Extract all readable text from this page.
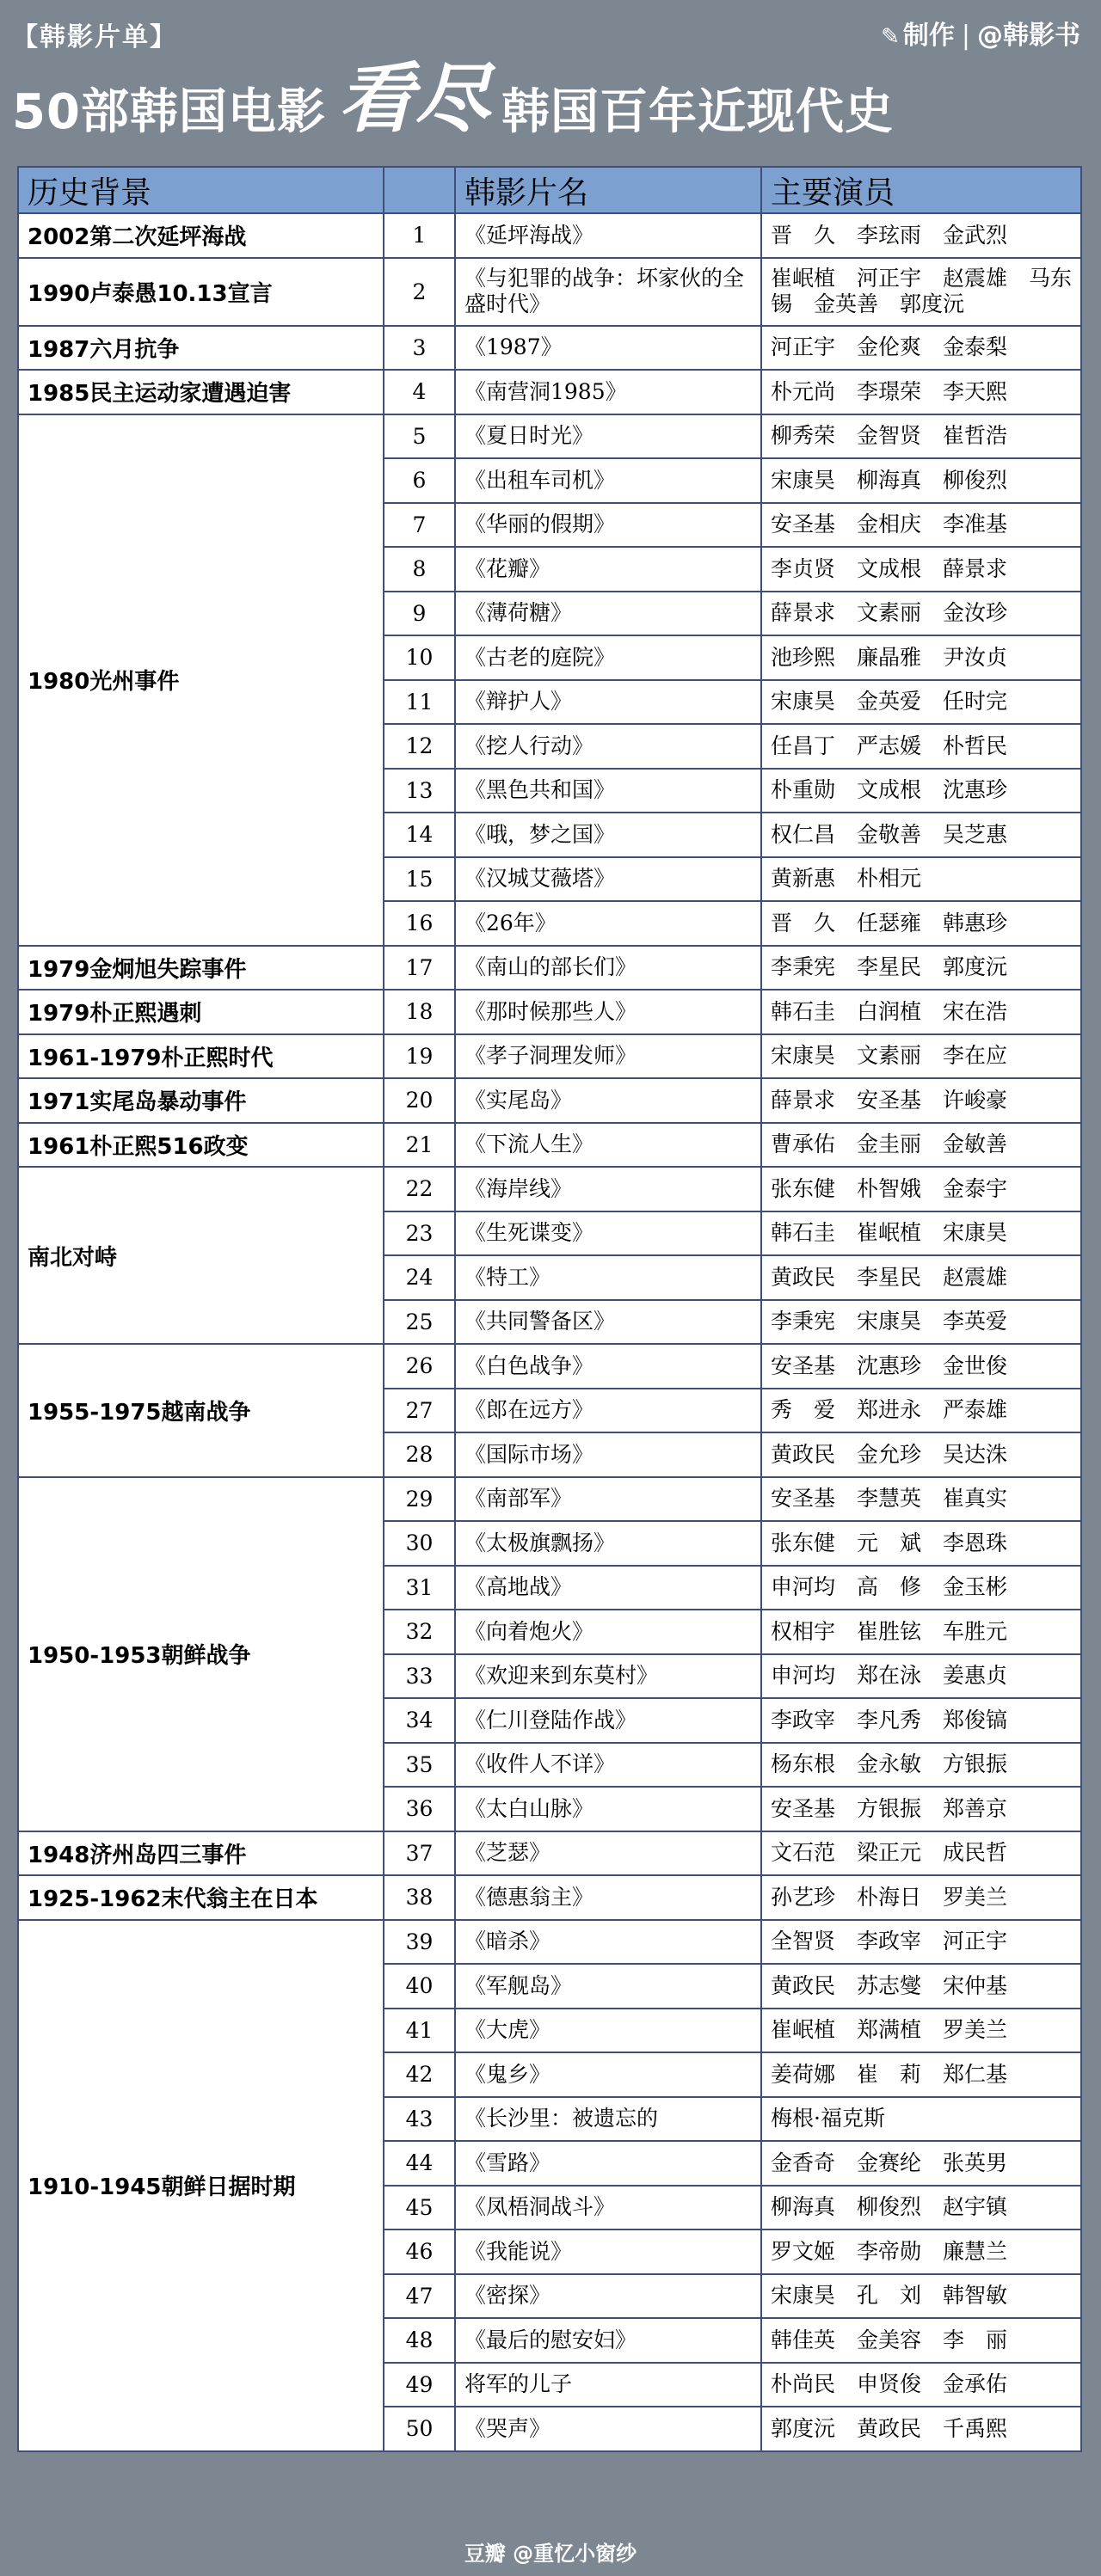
【韩影片单】	✎ 制作 | @韩影书
50部韩国电影 看尽 韩国百年近现代史
历史背景		韩影片名	主要演员
2002第二次延坪海战	1	《延坪海战》	晋　久　李玹雨　金武烈
1990卢泰愚10.13宣言	2	《与犯罪的战争：坏家伙的全盛时代》	崔岷植　河正宇　赵震雄　马东锡　金英善　郭度沅
1987六月抗争	3	《1987》	河正宇　金伦爽　金泰梨
1985民主运动家遭遇迫害	4	《南营洞1985》	朴元尚　李璟荣　李天熙
1980光州事件	5	《夏日时光》	柳秀荣　金智贤　崔哲浩
	6	《出租车司机》	宋康昊　柳海真　柳俊烈
	7	《华丽的假期》	安圣基　金相庆　李准基
	8	《花瓣》	李贞贤　文成根　薛景求
	9	《薄荷糖》	薛景求　文素丽　金汝珍
	10	《古老的庭院》	池珍熙　廉晶雅　尹汝贞
	11	《辩护人》	宋康昊　金英爱　任时完
	12	《挖人行动》	任昌丁　严志媛　朴哲民
	13	《黑色共和国》	朴重勋　文成根　沈惠珍
	14	《哦，梦之国》	权仁昌　金敬善　吴芝惠
	15	《汉城艾薇塔》	黄新惠　朴相元
	16	《26年》	晋　久　任瑟雍　韩惠珍
1979金炯旭失踪事件	17	《南山的部长们》	李秉宪　李星民　郭度沅
1979朴正熙遇刺	18	《那时候那些人》	韩石圭　白润植　宋在浩
1961-1979朴正熙时代	19	《孝子洞理发师》	宋康昊　文素丽　李在应
1971实尾岛暴动事件	20	《实尾岛》	薛景求　安圣基　许峻豪
1961朴正熙516政变	21	《下流人生》	曹承佑　金圭丽　金敏善
南北对峙	22	《海岸线》	张东健　朴智娥　金泰宇
	23	《生死谍变》	韩石圭　崔岷植　宋康昊
	24	《特工》	黄政民　李星民　赵震雄
	25	《共同警备区》	李秉宪　宋康昊　李英爱
1955-1975越南战争	26	《白色战争》	安圣基　沈惠珍　金世俊
	27	《郎在远方》	秀　爱　郑进永　严泰雄
	28	《国际市场》	黄政民　金允珍　吴达洙
1950-1953朝鲜战争	29	《南部军》	安圣基　李慧英　崔真实
	30	《太极旗飘扬》	张东健　元　斌　李恩珠
	31	《高地战》	申河均　高　修　金玉彬
	32	《向着炮火》	权相宇　崔胜铉　车胜元
	33	《欢迎来到东莫村》	申河均　郑在泳　姜惠贞
	34	《仁川登陆作战》	李政宰　李凡秀　郑俊镐
	35	《收件人不详》	杨东根　金永敏　方银振
	36	《太白山脉》	安圣基　方银振　郑善京
1948济州岛四三事件	37	《芝瑟》	文石范　梁正元　成民哲
1925-1962末代翁主在日本	38	《德惠翁主》	孙艺珍　朴海日　罗美兰
1910-1945朝鲜日据时期	39	《暗杀》	全智贤　李政宰　河正宇
	40	《军舰岛》	黄政民　苏志燮　宋仲基
	41	《大虎》	崔岷植　郑满植　罗美兰
	42	《鬼乡》	姜荷娜　崔　莉　郑仁基
	43	《长沙里：被遗忘的	梅根·福克斯
	44	《雪路》	金香奇　金赛纶　张英男
	45	《凤梧洞战斗》	柳海真　柳俊烈　赵宇镇
	46	《我能说》	罗文姬　李帝勋　廉慧兰
	47	《密探》	宋康昊　孔　刘　韩智敏
	48	《最后的慰安妇》	韩佳英　金美容　李　丽
	49	将军的儿子	朴尚民　申贤俊　金承佑
	50	《哭声》	郭度沅　黄政民　千禹熙
豆瓣 @重忆小窗纱
